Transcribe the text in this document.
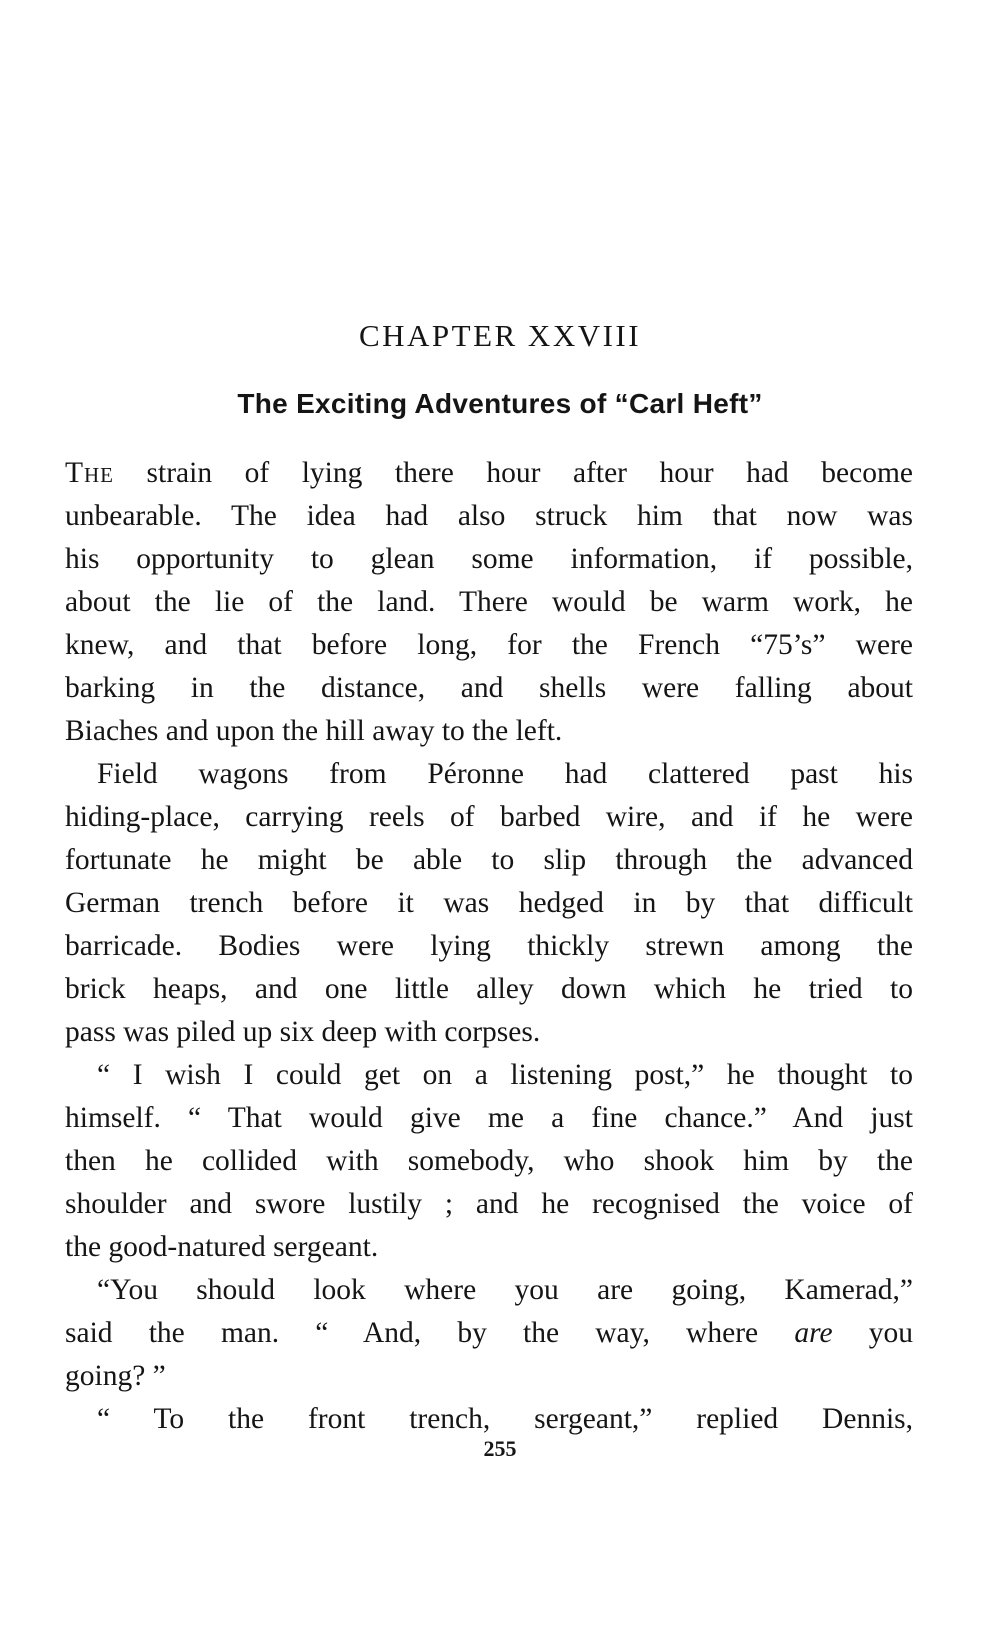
CHAPTER XXVIII
The Exciting Adventures of “Carl Heft”

The strain of lying there hour after hour had become
unbearable. The idea had also struck him that now was
his opportunity to glean some information, if possible,
about the lie of the land. There would be warm work, he
knew, and that before long, for the French “75’s” were
barking in the distance, and shells were falling about
Biaches and upon the hill away to the left.

Field wagons from Péronne had clattered past his
hiding-place, carrying reels of barbed wire, and if he were
fortunate he might be able to slip through the advanced
German trench before it was hedged in by that difficult
barricade. Bodies were lying thickly strewn among the
brick heaps, and one little alley down which he tried to
pass was piled up six deep with corpses.

“ I wish I could get on a listening post,” he thought to
himself. “ That would give me a fine chance.” And just
then he collided with somebody, who shook him by the
shoulder and swore lustily ; and he recognised the voice of
the good-natured sergeant.

“You should look where you are going, Kamerad,”
said the man. “ And, by the way, where are you
going? ”

“ To the front trench, sergeant,” replied Dennis,

255
